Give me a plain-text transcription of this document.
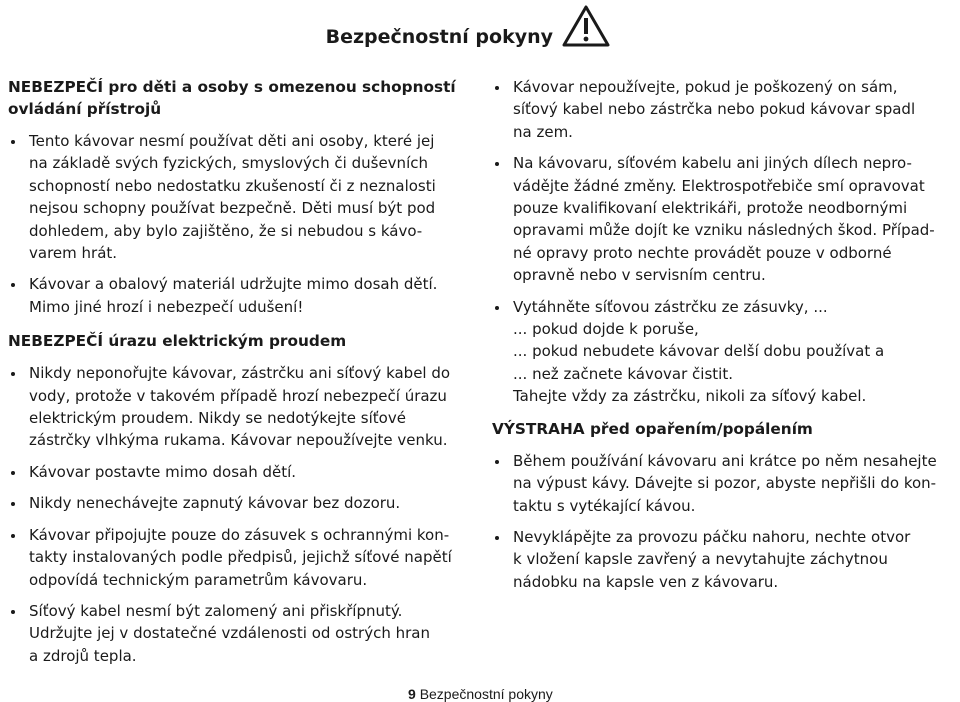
Bezpečnostní pokyny
NEBEZPEČÍ pro děti a osoby s omezenou schopností
ovládání přístrojů
Tento kávovar nesmí používat děti ani osoby, které jej
na základě svých fyzických, smyslových či duševních
schopností nebo nedostatku zkušeností či z neznalosti
nejsou schopny používat bezpečně. Děti musí být pod
dohledem, aby bylo zajištěno, že si nebudou s kávo-
varem hrát.
Kávovar a obalový materiál udržujte mimo dosah dětí.
Mimo jiné hrozí i nebezpečí udušení!
NEBEZPEČÍ úrazu elektrickým proudem
Nikdy neponořujte kávovar, zástrčku ani síťový kabel do
vody, protože v takovém případě hrozí nebezpečí úrazu
elektrickým proudem. Nikdy se nedotýkejte síťové
zástrčky vlhkýma rukama. Kávovar nepoužívejte venku.
Kávovar postavte mimo dosah dětí.
Nikdy nenechávejte zapnutý kávovar bez dozoru.
Kávovar připojujte pouze do zásuvek s ochrannými kon-
takty instalovaných podle předpisů, jejichž síťové napětí
odpovídá technickým parametrům kávovaru.
Síťový kabel nesmí být zalomený ani přiskřípnutý.
Udržujte jej v dostatečné vzdálenosti od ostrých hran
a zdrojů tepla.
Kávovar nepoužívejte, pokud je poškozený on sám,
síťový kabel nebo zástrčka nebo pokud kávovar spadl
na zem.
Na kávovaru, síťovém kabelu ani jiných dílech nepro-
vádějte žádné změny. Elektrospotřebiče smí opravovat
pouze kvalifikovaní elektrikáři, protože neodbornými
opravami může dojít ke vzniku následných škod. Případ-
né opravy proto nechte provádět pouze v odborné
opravně nebo v servisním centru.
Vytáhněte síťovou zástrčku ze zásuvky, ...
... pokud dojde k poruše,
... pokud nebudete kávovar delší dobu používat a
... než začnete kávovar čistit.
Tahejte vždy za zástrčku, nikoli za síťový kabel.
VÝSTRAHA před opařením/popálením
Během používání kávovaru ani krátce po něm nesahejte
na výpust kávy. Dávejte si pozor, abyste nepřišli do kon-
taktu s vytékající kávou.
Nevyklápějte za provozu páčku nahoru, nechte otvor
k vložení kapsle zavřený a nevytahujte záchytnou
nádobku na kapsle ven z kávovaru.
9 Bezpečnostní pokyny
